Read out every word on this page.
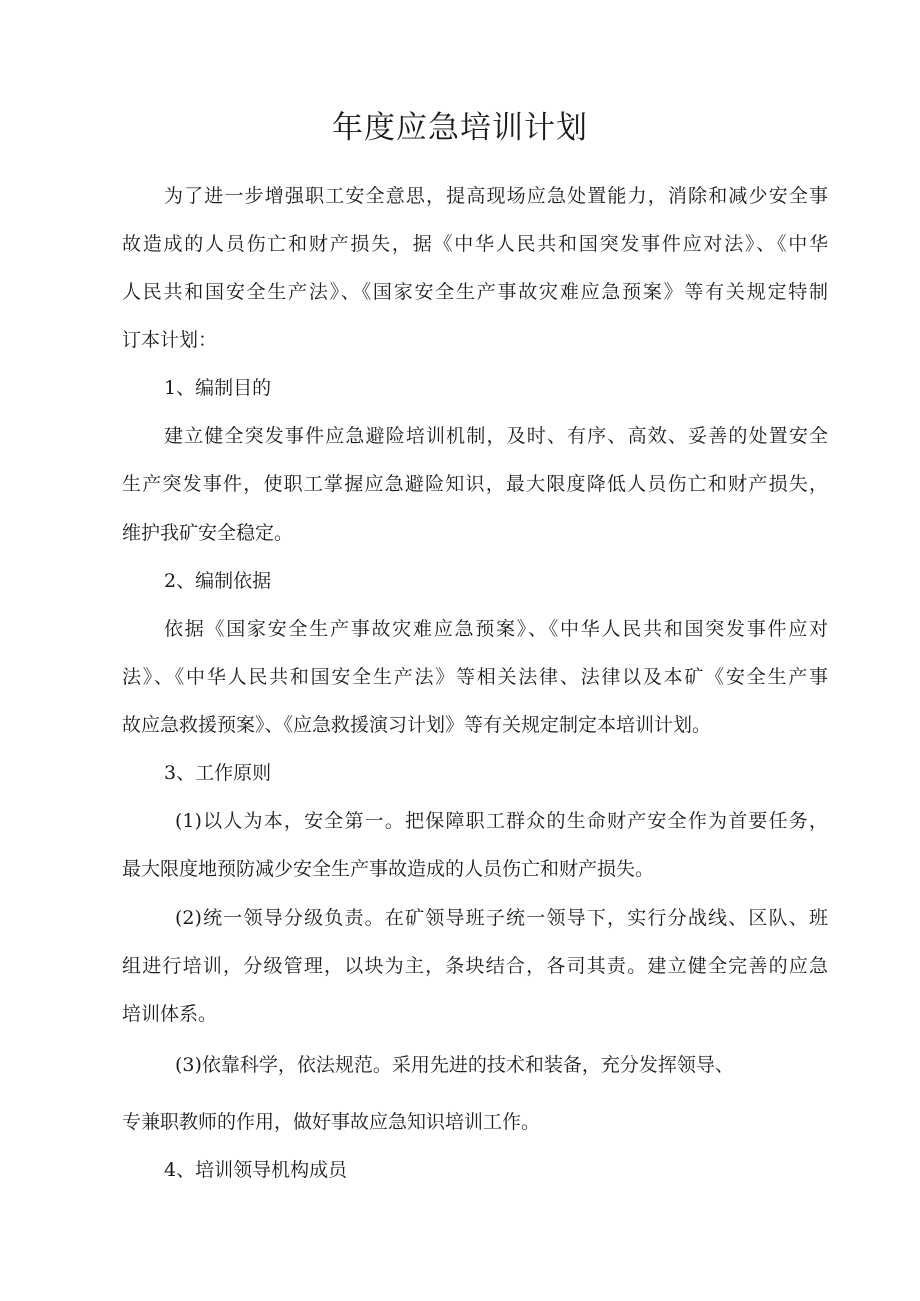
年度应急培训计划

为了进一步增强职工安全意思，提高现场应急处置能力，消除和减少安全事

故造成的人员伤亡和财产损失，据《中华人民共和国突发事件应对法》、《中华

人民共和国安全生产法》、《国家安全生产事故灾难应急预案》等有关规定特制

订本计划：

1、编制目的

建立健全突发事件应急避险培训机制，及时、有序、高效、妥善的处置安全

生产突发事件，使职工掌握应急避险知识，最大限度降低人员伤亡和财产损失，

维护我矿安全稳定。

2、编制依据

依据《国家安全生产事故灾难应急预案》、《中华人民共和国突发事件应对

法》、《中华人民共和国安全生产法》等相关法律、法律以及本矿《安全生产事

故应急救援预案》、《应急救援演习计划》等有关规定制定本培训计划。

3、工作原则

(1)以人为本，安全第一。把保障职工群众的生命财产安全作为首要任务，

最大限度地预防减少安全生产事故造成的人员伤亡和财产损失。

(2)统一领导分级负责。在矿领导班子统一领导下，实行分战线、区队、班

组进行培训，分级管理，以块为主，条块结合，各司其责。建立健全完善的应急

培训体系。

(3)依靠科学，依法规范。采用先进的技术和装备，充分发挥领导、

专兼职教师的作用，做好事故应急知识培训工作。

4、培训领导机构成员
